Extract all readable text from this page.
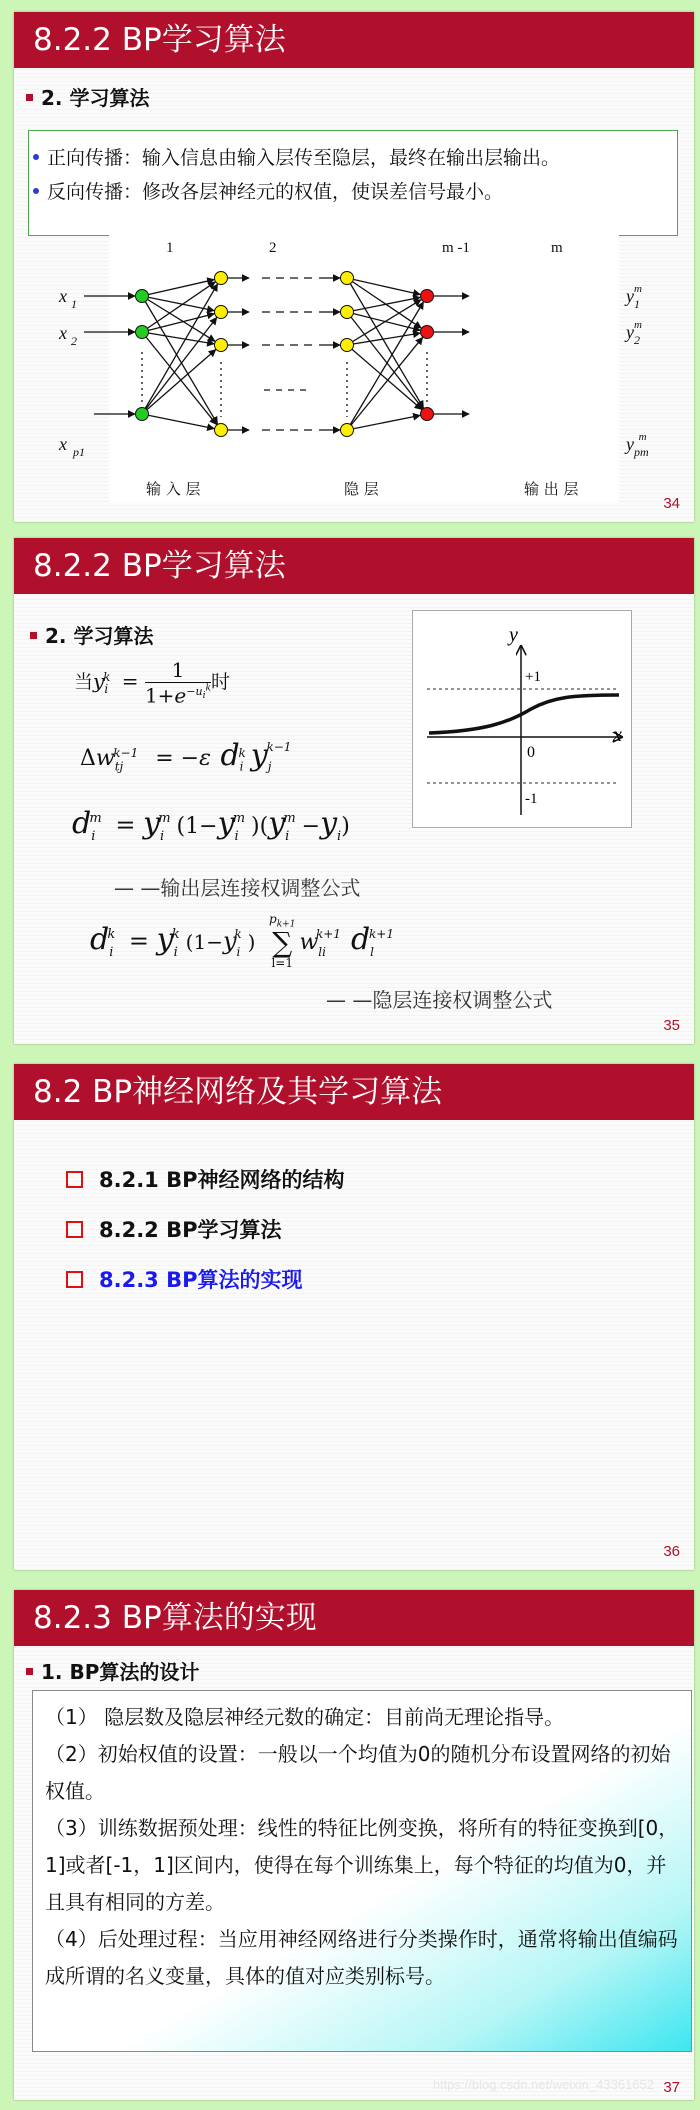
8.2.2 BP学习算法
2. 学习算法
正向传播：输入信息由输入层传至隐层，最终在输出层输出。
反向传播：修改各层神经元的权值，使误差信号最小。
1	2	m -1	m
x $_1$
x $_2$
x $_{p1}$
$y_1m$
$y_2m$
$y_{pm}m$
输 入 层	隐 层	输 出 层
34
8.2.2 BP学习算法
2. 学习算法
当$y_i^k$ =	1
$1+e^{-u_i^k}$ 时
$\Delta w_{tj}^{k-1} = -\varepsilon$ $d_i^k$ $y_j^{k-1}$
$d_i^m = y_i^m$ ($1-y_i^m$ )$(y_i^m -y_i)$
— —输出层连接权调整公式
$d_i^k = y_i^k$ ($1-y_i^k$ )
$p_{k+1}$
∑
l=1
$w_{li}^{k+1}$ $d_l^{k+1}$
— —隐层连接权调整公式
y
x
+1
0
-1
35
8.2 BP神经网络及其学习算法
8.2.1 BP神经网络的结构
8.2.2 BP学习算法
8.2.3 BP算法的实现
36
8.2.3 BP算法的实现
1. BP算法的设计
（1） 隐层数及隐层神经元数的确定：目前尚无理论指导。
（2）初始权值的设置：一般以一个均值为0的随机分布设置网络的初始权值。
（3）训练数据预处理：线性的特征比例变换，将所有的特征变换到[0，1]或者[-1，1]区间内，使得在每个训练集上，每个特征的均值为0，并且具有相同的方差。
（4）后处理过程：当应用神经网络进行分类操作时，通常将输出值编码成所谓的名义变量，具体的值对应类别标号。
https://blog.csdn.net/weixin_43361652 37
